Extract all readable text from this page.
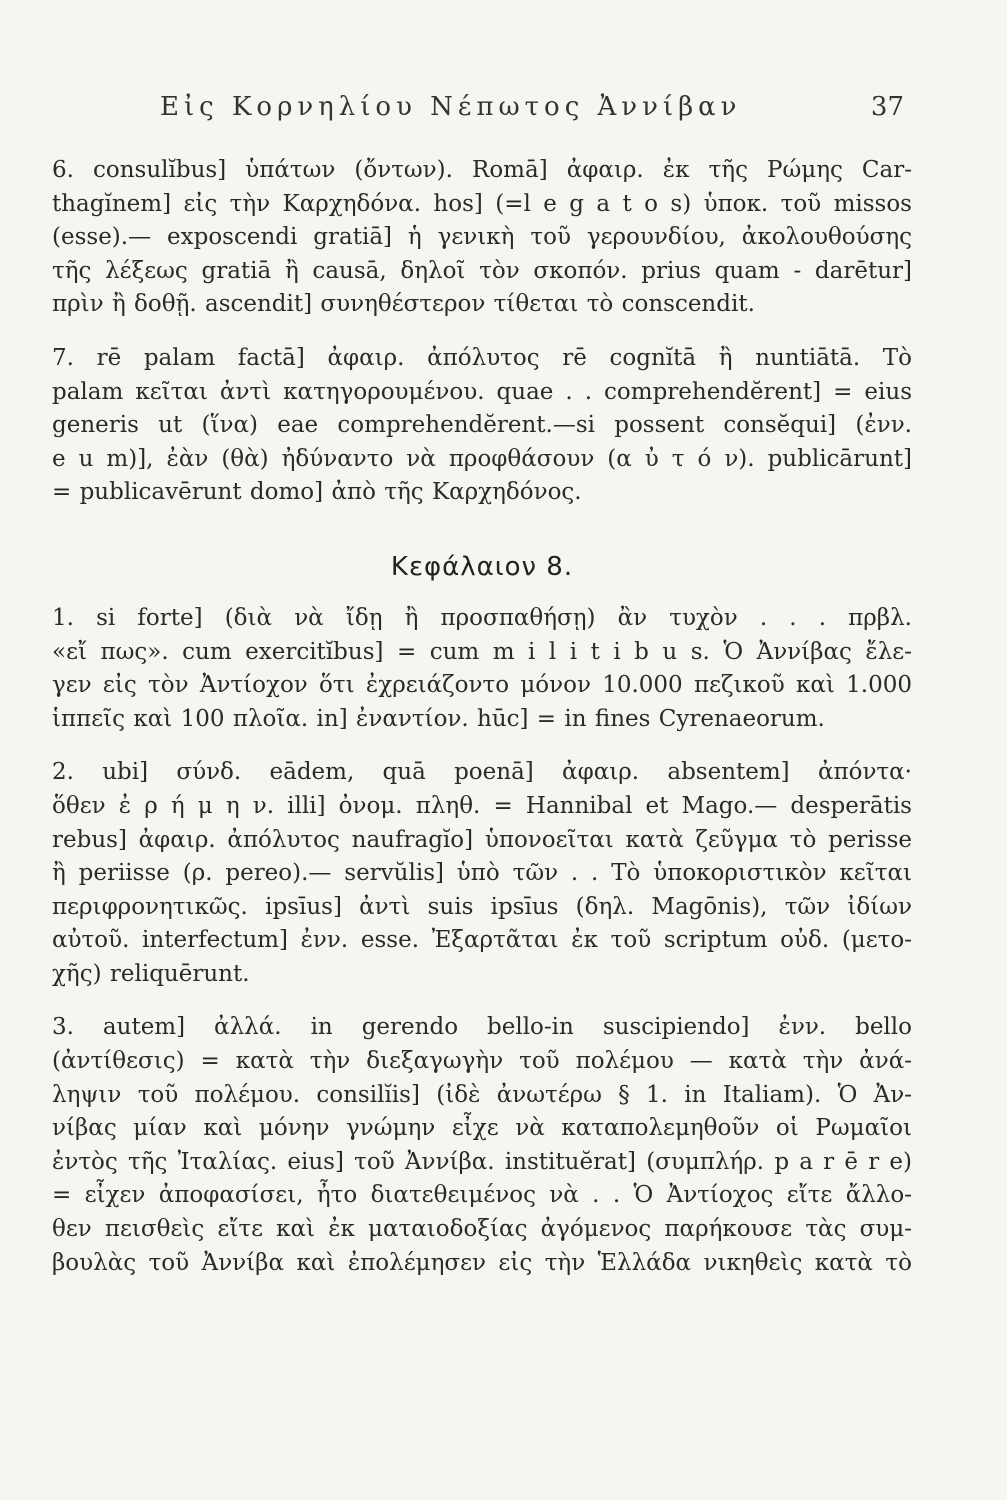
Εἰς Κορνηλίου Νέπωτος Ἀννίβαν	37

6. consulĭbus] ὑπάτων (ὄντων). Romā] ἀφαιρ. ἐκ τῆς Ρώμης Car-
thagĭnem] εἰς τὴν Καρχηδόνα. hos] (=l e g a t o s) ὑποκ. τοῦ missos
(esse).— exposcendi gratiā] ἡ γενικὴ τοῦ γερουνδίου, ἀκολουθούσης
τῆς λέξεως gratiā ἢ causā, δηλοῖ τὸν σκοπόν. prius quam - darētur]
πρὶν ἢ δοθῇ. ascendit] συνηθέστερον τίθεται τὸ conscendit.

7. rē palam factā] ἀφαιρ. ἀπόλυτος rē cognĭtā ἢ nuntiātā. Τὸ
palam κεῖται ἀντὶ κατηγορουμένου. quae . . comprehendĕrent] = eius
generis ut (ἵνα) eae comprehendĕrent.—si possent consĕqui] (ἐνν.
e u m)], ἐὰν (θὰ) ἠδύναντο νὰ προφθάσουν (α ὐ τ ό ν). publicārunt]
= publicavērunt domo] ἀπὸ τῆς Καρχηδόνος.

Κεφάλαιον 8.

1. si forte] (διὰ νὰ ἴδῃ ἢ προσπαθήσῃ) ἂν τυχὸν . . . πρβλ.
«εἴ πως». cum exercitĭbus] = cum m i l i t i b u s. Ὁ Ἀννίβας ἔλε-
γεν εἰς τὸν Ἀντίοχον ὅτι ἐχρειάζοντο μόνον 10.000 πεζικοῦ καὶ 1.000
ἱππεῖς καὶ 100 πλοῖα. in] ἐναντίον. hūc] = in fines Cyrenaeorum.

2. ubi] σύνδ. eādem, quā poenā] ἀφαιρ. absentem] ἀπόντα·
ὅθεν ἐ ρ ή μ η ν. illi] ὀνομ. πληθ. = Hannibal et Mago.— desperātis
rebus] ἀφαιρ. ἀπόλυτος naufragĭo] ὑπονοεῖται κατὰ ζεῦγμα τὸ perisse
ἢ periisse (ρ. pereo).— servŭlis] ὑπὸ τῶν . . Τὸ ὑποκοριστικὸν κεῖται
περιφρονητικῶς. ipsīus] ἀντὶ suis ipsīus (δηλ. Magōnis), τῶν ἰδίων
αὐτοῦ. interfectum] ἐνν. esse. Ἐξαρτᾶται ἐκ τοῦ scriptum οὐδ. (μετο-
χῆς) reliquērunt.

3. autem] ἀλλά. in gerendo bello-in suscipiendo] ἐνν. bello
(ἀντίθεσις) = κατὰ τὴν διεξαγωγὴν τοῦ πολέμου — κατὰ τὴν ἀνά-
ληψιν τοῦ πολέμου. consilĭis] (ἰδὲ ἀνωτέρω § 1. in Italiam). Ὁ Ἀν-
νίβας μίαν καὶ μόνην γνώμην εἶχε νὰ καταπολεμηθοῦν οἱ Ρωμαῖοι
ἐντὸς τῆς Ἰταλίας. eius] τοῦ Ἀννίβα. instituĕrat] (συμπλήρ. p a r ē r e)
= εἶχεν ἀποφασίσει, ἦτο διατεθειμένος νὰ . . Ὁ Ἀντίοχος εἴτε ἄλλο-
θεν πεισθεὶς εἴτε καὶ ἐκ ματαιοδοξίας ἀγόμενος παρήκουσε τὰς συμ-
βουλὰς τοῦ Ἀννίβα καὶ ἐπολέμησεν εἰς τὴν Ἑλλάδα νικηθεὶς κατὰ τὸ
